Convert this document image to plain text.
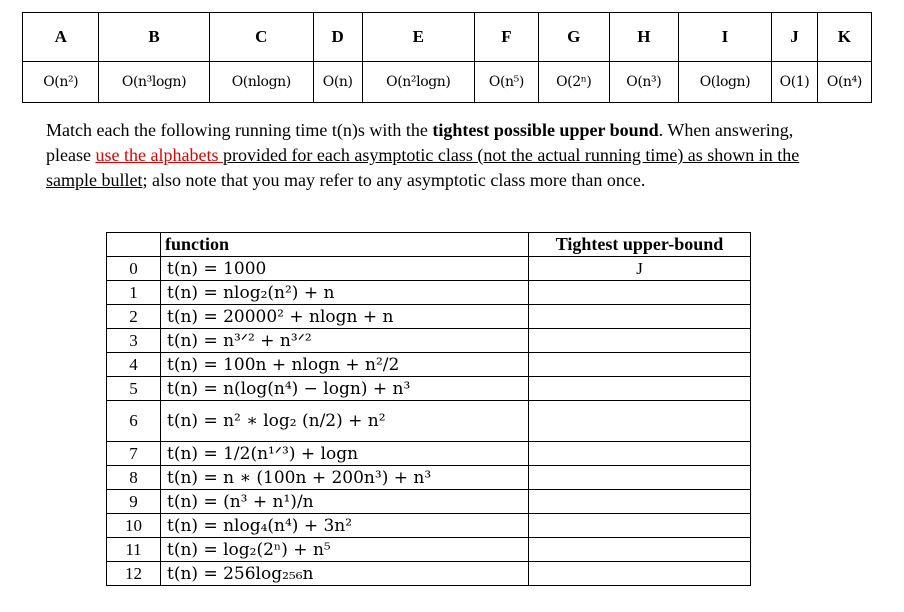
A	B	C	D	E	F	G	H	I	J	K
O(n²)	O(n³logn)	O(nlogn)	O(n)	O(n²logn)	O(n⁵)	O(2ⁿ)	O(n³)	O(logn)	O(1)	O(n⁴)
Match each the following running time t(n)s with the tightest possible upper bound. When answering, please use the alphabets provided for each asymptotic class (not the actual running time) as shown in the sample bullet; also note that you may refer to any asymptotic class more than once.
	function	Tightest upper-bound
0	t(n) = 1000	J
1	t(n) = nlog₂(n²) + n	
2	t(n) = 20000² + nlogn + n	
3	t(n) = n³ᐟ² + n³ᐟ²	
4	t(n) = 100n + nlogn + n²/2	
5	t(n) = n(log(n⁴) − logn) + n³	
6	t(n) = n² ∗ log₂ (n/2) + n²	
7	t(n) = 1/2(n¹ᐟ³) + logn	
8	t(n) = n ∗ (100n + 200n³) + n³	
9	t(n) = (n³ + n¹)/n	
10	t(n) = nlog₄(n⁴) + 3n²	
11	t(n) = log₂(2ⁿ) + n⁵	
12	t(n) = 256log₂₅₆n	
